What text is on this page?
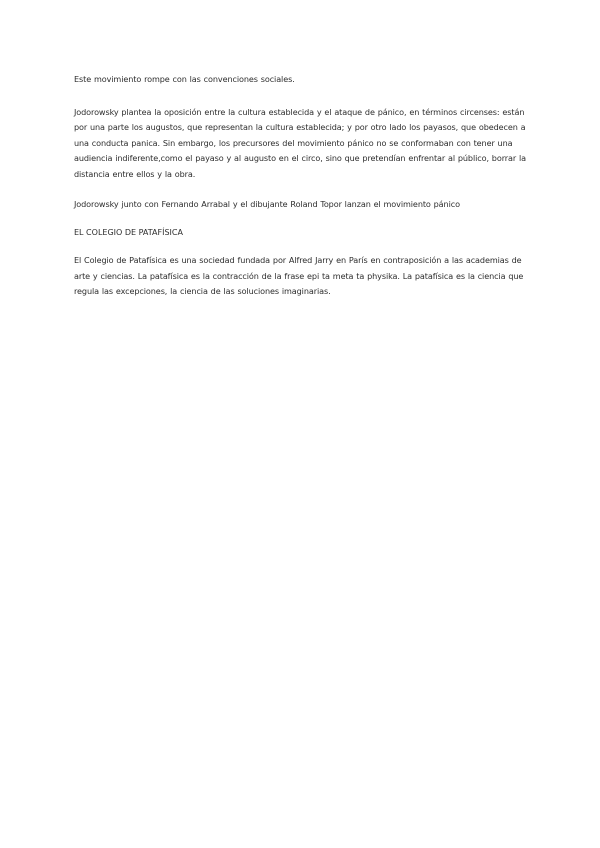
Este movimiento rompe con las convenciones sociales.

Jodorowsky plantea la oposición entre la cultura establecida y el ataque de pánico, en términos circenses: están por una parte los augustos, que representan la cultura establecida; y por otro lado los payasos, que obedecen a una conducta panica. Sin embargo, los precursores del movimiento pánico no se conformaban con tener una audiencia indiferente,como el payaso y al augusto en el circo, sino que pretendían enfrentar al público, borrar la distancia entre ellos y la obra.

Jodorowsky junto con Fernando Arrabal y el dibujante Roland Topor lanzan el movimiento pánico

EL COLEGIO DE PATAFÍSICA

El Colegio de Patafísica es una sociedad fundada por Alfred Jarry en París en contraposición a las academias de arte y ciencias. La patafísica es la contracción de la frase epi ta meta ta physika. La patafísica es la ciencia que regula las excepciones, la ciencia de las soluciones imaginarias.
